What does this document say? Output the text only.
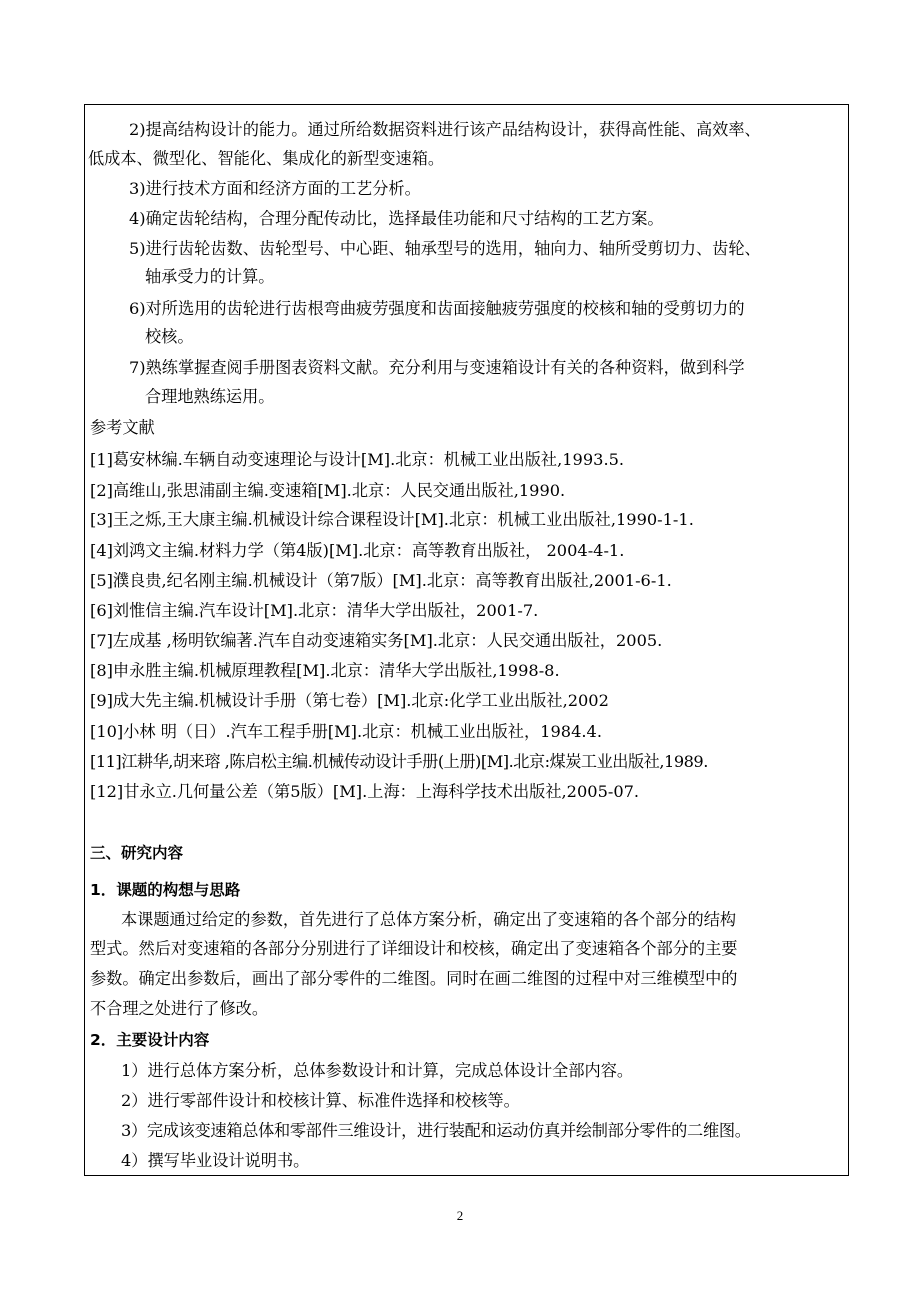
2)提高结构设计的能力。通过所给数据资料进行该产品结构设计，获得高性能、高效率、
低成本、微型化、智能化、集成化的新型变速箱。
3)进行技术方面和经济方面的工艺分析。
4)确定齿轮结构，合理分配传动比，选择最佳功能和尺寸结构的工艺方案。
5)进行齿轮齿数、齿轮型号、中心距、轴承型号的选用，轴向力、轴所受剪切力、齿轮、
轴承受力的计算。
6)对所选用的齿轮进行齿根弯曲疲劳强度和齿面接触疲劳强度的校核和轴的受剪切力的
校核。
7)熟练掌握查阅手册图表资料文献。充分利用与变速箱设计有关的各种资料，做到科学
合理地熟练运用。
参考文献
[1]葛安林编.车辆自动变速理论与设计[M].北京：机械工业出版社,1993.5.
[2]高维山,张思浦副主编.变速箱[M].北京：人民交通出版社,1990.
[3]王之烁,王大康主编.机械设计综合课程设计[M].北京：机械工业出版社,1990-1-1.
[4]刘鸿文主编.材料力学（第4版)[M].北京：高等教育出版社， 2004-4-1.
[5]濮良贵,纪名刚主编.机械设计（第7版）[M].北京：高等教育出版社,2001-6-1.
[6]刘惟信主编.汽车设计[M].北京：清华大学出版社，2001-7.
[7]左成基 ,杨明钦编著.汽车自动变速箱实务[M].北京：人民交通出版社，2005.
[8]申永胜主编.机械原理教程[M].北京：清华大学出版社,1998-8.
[9]成大先主编.机械设计手册（第七卷）[M].北京:化学工业出版社,2002
[10]小林 明（日）.汽车工程手册[M].北京：机械工业出版社，1984.4.
[11]江耕华,胡来瑢 ,陈启松主编.机械传动设计手册(上册)[M].北京:煤炭工业出版社,1989.
[12]甘永立.几何量公差（第5版）[M].上海：上海科学技术出版社,2005-07.
三、研究内容
1．课题的构想与思路
本课题通过给定的参数，首先进行了总体方案分析，确定出了变速箱的各个部分的结构
型式。然后对变速箱的各部分分别进行了详细设计和校核，确定出了变速箱各个部分的主要
参数。确定出参数后，画出了部分零件的二维图。同时在画二维图的过程中对三维模型中的
不合理之处进行了修改。
2．主要设计内容
1）进行总体方案分析，总体参数设计和计算，完成总体设计全部内容。
2）进行零部件设计和校核计算、标准件选择和校核等。
3）完成该变速箱总体和零部件三维设计，进行装配和运动仿真并绘制部分零件的二维图。
4）撰写毕业设计说明书。
2
